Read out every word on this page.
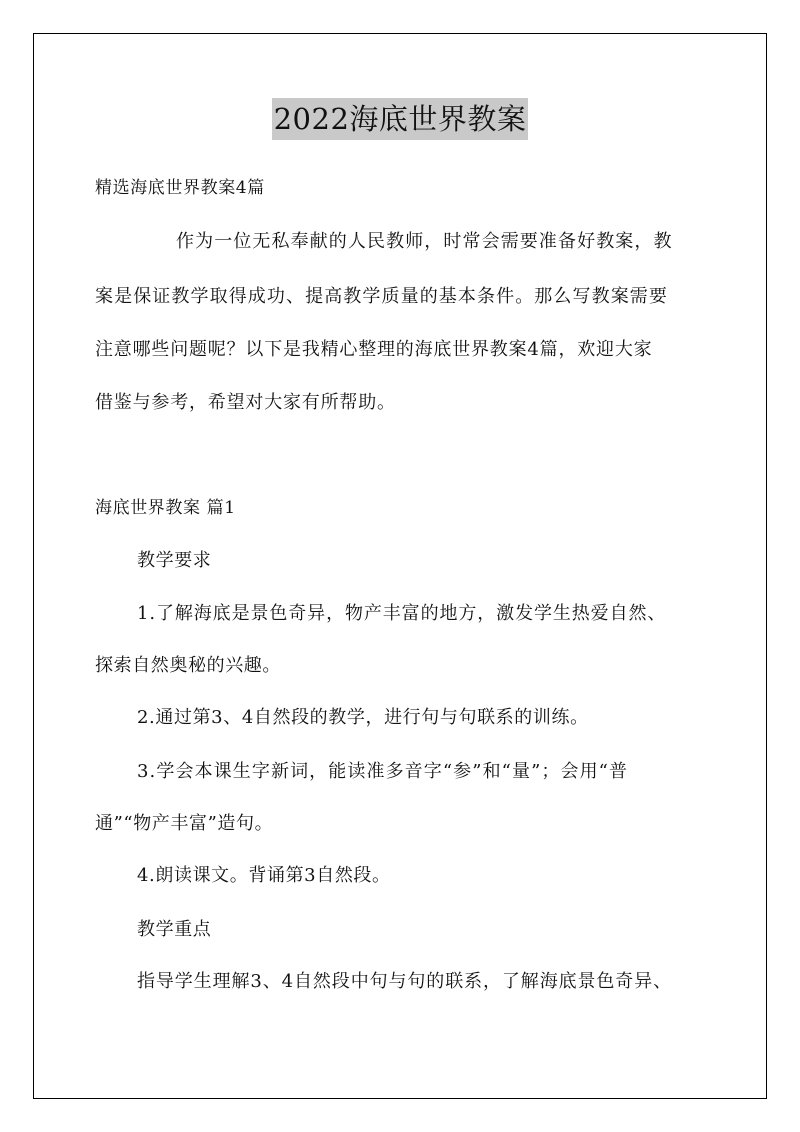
2022海底世界教案
精选海底世界教案4篇
作为一位无私奉献的人民教师，时常会需要准备好教案，教
案是保证教学取得成功、提高教学质量的基本条件。那么写教案需要
注意哪些问题呢？以下是我精心整理的海底世界教案4篇，欢迎大家
借鉴与参考，希望对大家有所帮助。
海底世界教案 篇1
教学要求
1.了解海底是景色奇异，物产丰富的地方，激发学生热爱自然、
探索自然奥秘的兴趣。
2.通过第3、4自然段的教学，进行句与句联系的训练。
3.学会本课生字新词，能读准多音字“参”和“量”；会用“普
通”“物产丰富”造句。
4.朗读课文。背诵第3自然段。
教学重点
指导学生理解3、4自然段中句与句的联系，了解海底景色奇异、
